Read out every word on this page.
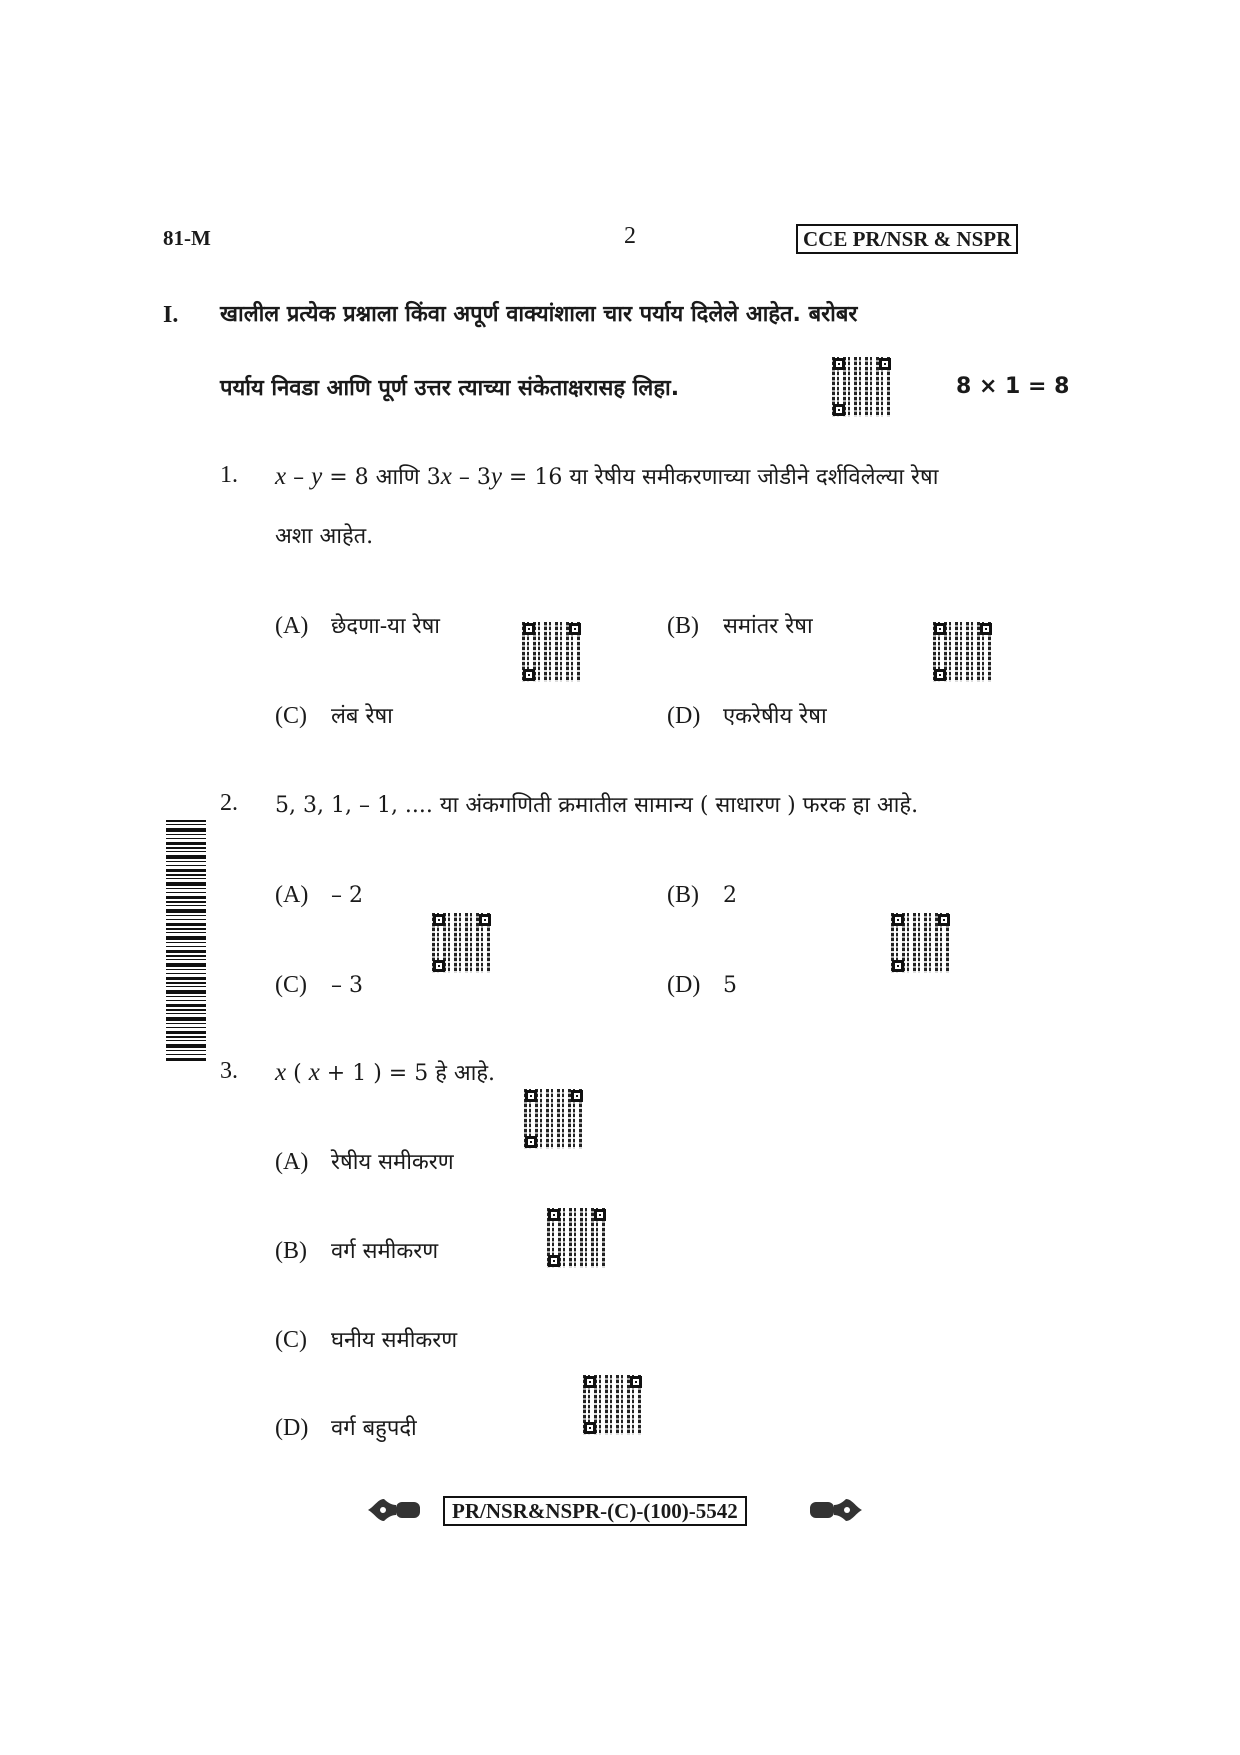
81-M	2	CCE PR/NSR & NSPR
I. खालील प्रत्येक प्रश्नाला किंवा अपूर्ण वाक्यांशाला चार पर्याय दिलेले आहेत. बरोबर
पर्याय निवडा आणि पूर्ण उत्तर त्याच्या संकेताक्षरासह लिहा.	8 × 1 = 8
1. x – y = 8 आणि 3x – 3y = 16 या रेषीय समीकरणाच्या जोडीने दर्शविलेल्या रेषा
अशा आहेत.
(A) छेदणा-या रेषा	(B) समांतर रेषा
(C) लंब रेषा	(D) एकरेषीय रेषा
2. 5, 3, 1, – 1, .... या अंकगणिती क्रमातील सामान्य ( साधारण ) फरक हा आहे.
(A) – 2	(B) 2
(C) – 3	(D) 5
3. x ( x + 1 ) = 5 हे आहे.
(A) रेषीय समीकरण
(B) वर्ग समीकरण
(C) घनीय समीकरण
(D) वर्ग बहुपदी
PR/NSR&NSPR-(C)-(100)-5542
